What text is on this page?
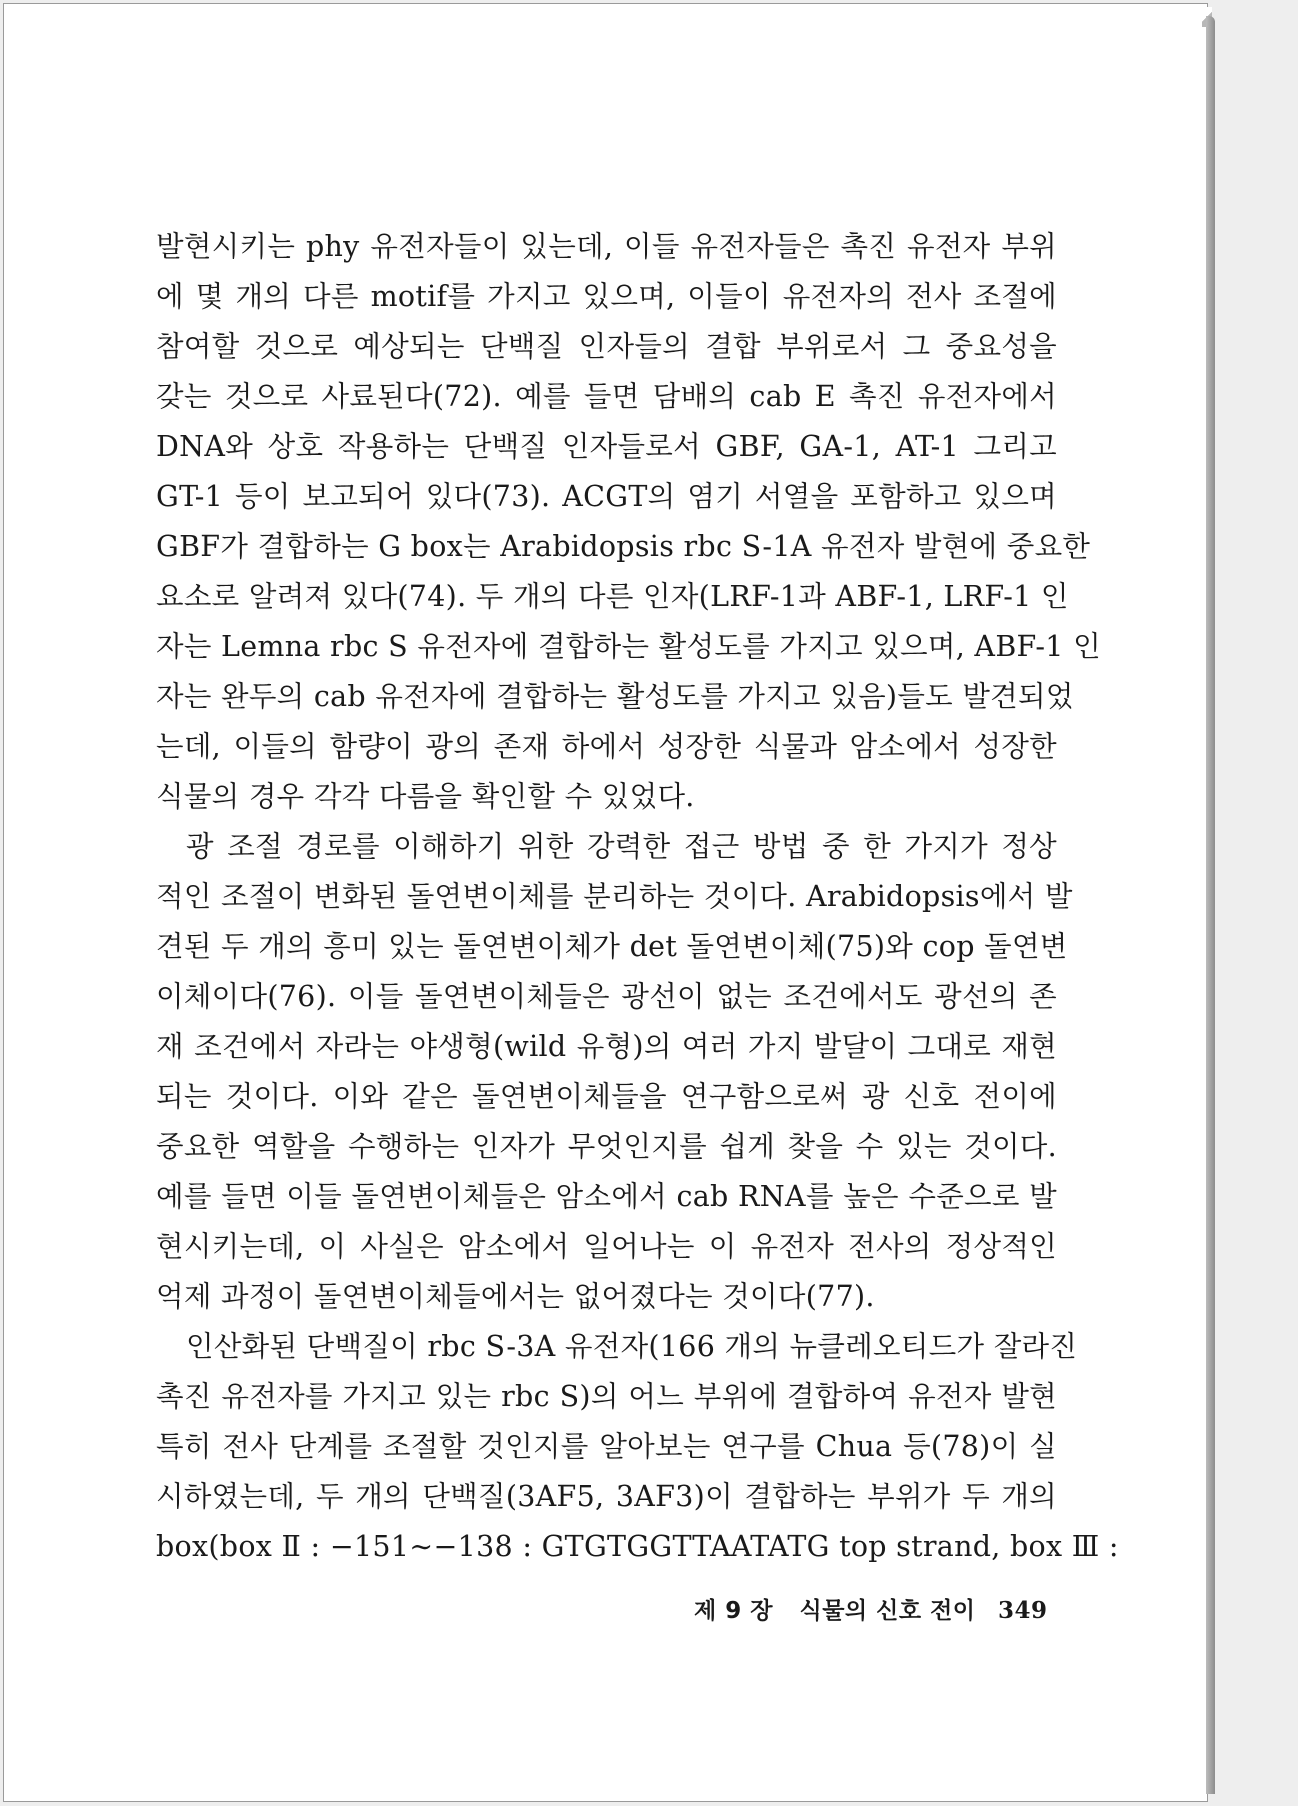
발현시키는 phy 유전자들이 있는데, 이들 유전자들은 촉진 유전자 부위
에 몇 개의 다른 motif를 가지고 있으며, 이들이 유전자의 전사 조절에
참여할 것으로 예상되는 단백질 인자들의 결합 부위로서 그 중요성을
갖는 것으로 사료된다(72). 예를 들면 담배의 cab E 촉진 유전자에서
DNA와 상호 작용하는 단백질 인자들로서 GBF, GA-1, AT-1 그리고
GT-1 등이 보고되어 있다(73). ACGT의 염기 서열을 포함하고 있으며
GBF가 결합하는 G box는 Arabidopsis rbc S-1A 유전자 발현에 중요한
요소로 알려져 있다(74). 두 개의 다른 인자(LRF-1과 ABF-1, LRF-1 인
자는 Lemna rbc S 유전자에 결합하는 활성도를 가지고 있으며, ABF-1 인
자는 완두의 cab 유전자에 결합하는 활성도를 가지고 있음)들도 발견되었
는데, 이들의 함량이 광의 존재 하에서 성장한 식물과 암소에서 성장한
식물의 경우 각각 다름을 확인할 수 있었다.
광 조절 경로를 이해하기 위한 강력한 접근 방법 중 한 가지가 정상
적인 조절이 변화된 돌연변이체를 분리하는 것이다. Arabidopsis에서 발
견된 두 개의 흥미 있는 돌연변이체가 det 돌연변이체(75)와 cop 돌연변
이체이다(76). 이들 돌연변이체들은 광선이 없는 조건에서도 광선의 존
재 조건에서 자라는 야생형(wild 유형)의 여러 가지 발달이 그대로 재현
되는 것이다. 이와 같은 돌연변이체들을 연구함으로써 광 신호 전이에
중요한 역할을 수행하는 인자가 무엇인지를 쉽게 찾을 수 있는 것이다.
예를 들면 이들 돌연변이체들은 암소에서 cab RNA를 높은 수준으로 발
현시키는데, 이 사실은 암소에서 일어나는 이 유전자 전사의 정상적인
억제 과정이 돌연변이체들에서는 없어졌다는 것이다(77).
인산화된 단백질이 rbc S-3A 유전자(166 개의 뉴클레오티드가 잘라진
촉진 유전자를 가지고 있는 rbc S)의 어느 부위에 결합하여 유전자 발현
특히 전사 단계를 조절할 것인지를 알아보는 연구를 Chua 등(78)이 실
시하였는데, 두 개의 단백질(3AF5, 3AF3)이 결합하는 부위가 두 개의
box(box Ⅱ : −151∼−138 : GTGTGGTTAATATG top strand, box Ⅲ :
제 9 장 식물의 신호 전이 349
